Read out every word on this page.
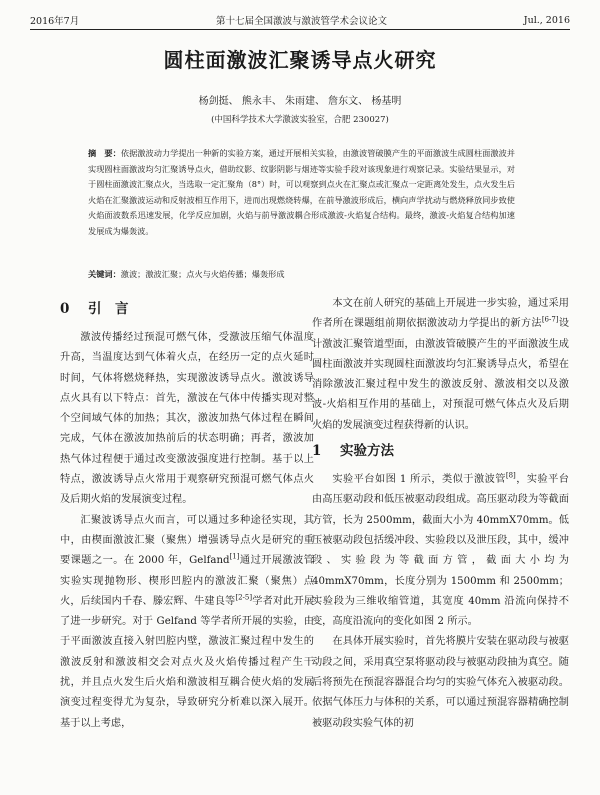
2016年7月	第十七届全国激波与激波管学术会议论文	Jul., 2016
圆柱面激波汇聚诱导点火研究
杨剑挺、 熊永丰、 朱雨建、 詹东文、 杨基明
(中国科学技术大学激波实验室，合肥 230027)
摘　要：依据激波动力学提出一种新的实验方案，通过开展相关实验，由激波管破膜产生的平面激波生成圆柱面激波并实现圆柱面激波均匀汇聚诱导点火，借助纹影、纹影阴影与烟迹等实验手段对该现象进行观察记录。实验结果显示，对于圆柱面激波汇聚点火，当选取一定汇聚角（8°）时，可以观察到点火在汇聚点或汇聚点一定距离处发生，点火发生后火焰在汇聚激波运动和反射波相互作用下，进而出现燃烧转爆，在前导激波形成后，横向声学扰动与燃烧释放同步致使火焰面波数系迅速发展，化学反应加剧，火焰与前导激波耦合形成激波-火焰复合结构。最终，激波-火焰复合结构加速发展成为爆轰波。
关键词：激波；激波汇聚；点火与火焰传播；爆轰形成
0 引　言

激波传播经过预混可燃气体，受激波压缩气体温度升高，当温度达到气体着火点，在经历一定的点火延时时间，气体将燃烧释热，实现激波诱导点火。激波诱导点火具有以下特点：首先，激波在气体中传播实现对整个空间域气体的加热；其次，激波加热气体过程在瞬间完成，气体在激波加热前后的状态明确；再者，激波加热气体过程便于通过改变激波强度进行控制。基于以上特点，激波诱导点火常用于观察研究预混可燃气体点火及后期火焰的发展演变过程。

汇聚波诱导点火而言，可以通过多种途径实现，其中，由楔面激波汇聚（聚焦）增强诱导点火是研究的重要课题之一。在 2000 年，Gelfand[1]通过开展激波管实验实现抛物形、楔形凹腔内的激波汇聚（聚焦）点火，后续国内千春、滕宏辉、牛建良等[2-5]学者对此开展了进一步研究。对于 Gelfand 等学者所开展的实验，由于平面激波直接入射凹腔内壁，激波汇聚过程中发生的激波反射和激波相交会对点火及火焰传播过程产生干扰，并且点火发生后火焰和激波相互耦合使火焰的发展演变过程变得尤为复杂，导致研究分析难以深入展开。基于以上考虑，

本文在前人研究的基础上开展进一步实验，通过采用作者所在课题组前期依据激波动力学提出的新方法[6-7]设计激波汇聚管道型面，由激波管破膜产生的平面激波生成圆柱面激波并实现圆柱面激波均匀汇聚诱导点火，希望在消除激波汇聚过程中发生的激波反射、激波相交以及激波-火焰相互作用的基础上，对预混可燃气体点火及后期火焰的发展演变过程获得新的认识。

1 实验方法

实验平台如图 1 所示，类似于激波管[8]，实验平台由高压驱动段和低压被驱动段组成。高压驱动段为等截面方管，长为 2500mm，截面大小为 40mmX70mm。低压被驱动段包括缓冲段、实验段以及泄压段，其中，缓冲段、实验段为等截面方管，截面大小均为 40mmX70mm，长度分别为 1500mm 和 2500mm；实验段为三维收缩管道，其宽度 40mm 沿流向保持不变，高度沿流向的变化如图 2 所示。

在具体开展实验时，首先将膜片安装在驱动段与被驱动段之间，采用真空泵将驱动段与被驱动段抽为真空。随后将预先在预混容器混合均匀的实验气体充入被驱动段。依据气体压力与体积的关系，可以通过预混容器精确控制被驱动段实验气体的初
